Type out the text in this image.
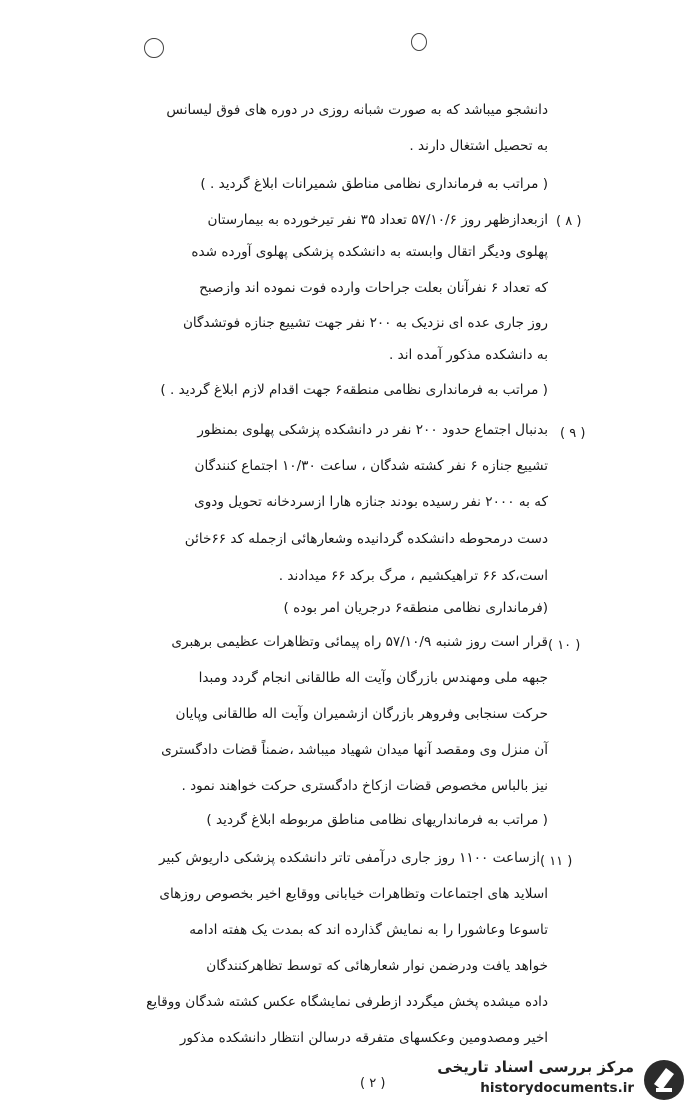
دانشجو میباشد که به صورت شبانه روزی در دوره های فوق لیسانس
به تحصیل اشتغال دارند .
( مراتب به فرمانداری نظامی مناطق شمیرانات ابلاغ گردید . )
( ۸ )
ازبعدازظهر روز ۵۷/۱۰/۶ تعداد ۳۵ نفر تیرخورده به بیمارستان
پهلوی ودیگر اتقال وابسته به دانشکده پزشکی پهلوی آورده شده
که تعداد ۶ نفرآنان بعلت جراحات وارده فوت نموده اند وازصبح
روز جاری عده ای نزدیک به ۲۰۰ نفر جهت تشییع جنازه فوتشدگان
به دانشکده مذکور آمده اند .
( مراتب به فرمانداری نظامی منطقه۶ جهت اقدام لازم ابلاغ گردید . )
( ۹ )
بدنبال اجتماع حدود ۲۰۰ نفر در دانشکده پزشکی پهلوی بمنظور
تشییع جنازه ۶ نفر کشته شدگان ، ساعت ۱۰/۳۰ اجتماع کنندگان
که به ۲۰۰۰ نفر رسیده بودند جنازه هارا ازسردخانه تحویل ودوی
دست درمحوطه دانشکده گردانیده وشعارهائی ازجمله کد ۶۶خائن
است،کد ۶۶ تراهیکشیم ، مرگ برکد ۶۶ میدادند .
(فرمانداری نظامی منطقه۶ درجریان امر بوده )
( ۱۰ )
قرار است روز شنبه ۵۷/۱۰/۹ راه پیمائی وتظاهرات عظیمی برهبری
جبهه ملی ومهندس بازرگان وآیت اله طالقانی انجام گردد ومبدا
حرکت سنجابی وفروهر بازرگان ازشمیران وآیت اله طالقانی وپایان
آن منزل وی ومقصد آنها میدان شهیاد میباشد ،ضمناً قضات دادگستری
نیز بالباس مخصوص قضات ازکاخ دادگستری حرکت خواهند نمود .
( مراتب به فرمانداریهای نظامی مناطق مربوطه ابلاغ گردید )
( ۱۱ )
ازساعت ۱۱۰۰ روز جاری درآمفی تاتر دانشکده پزشکی داریوش کبیر
اسلاید های اجتماعات وتظاهرات خیابانی ووقایع اخیر بخصوص روزهای
تاسوعا وعاشورا را به نمایش گذارده اند که بمدت یک هفته ادامه
خواهد یافت ودرضمن نوار شعارهائی که توسط تظاهرکنندگان
داده میشده پخش میگردد ازطرفی نمایشگاه عکس کشته شدگان ووقایع
اخیر ومصدومین وعکسهای متفرقه درسالن انتظار دانشکده مذکور
( ۲ )
مرکز بررسی اسناد تاریخی
historydocuments.ir
